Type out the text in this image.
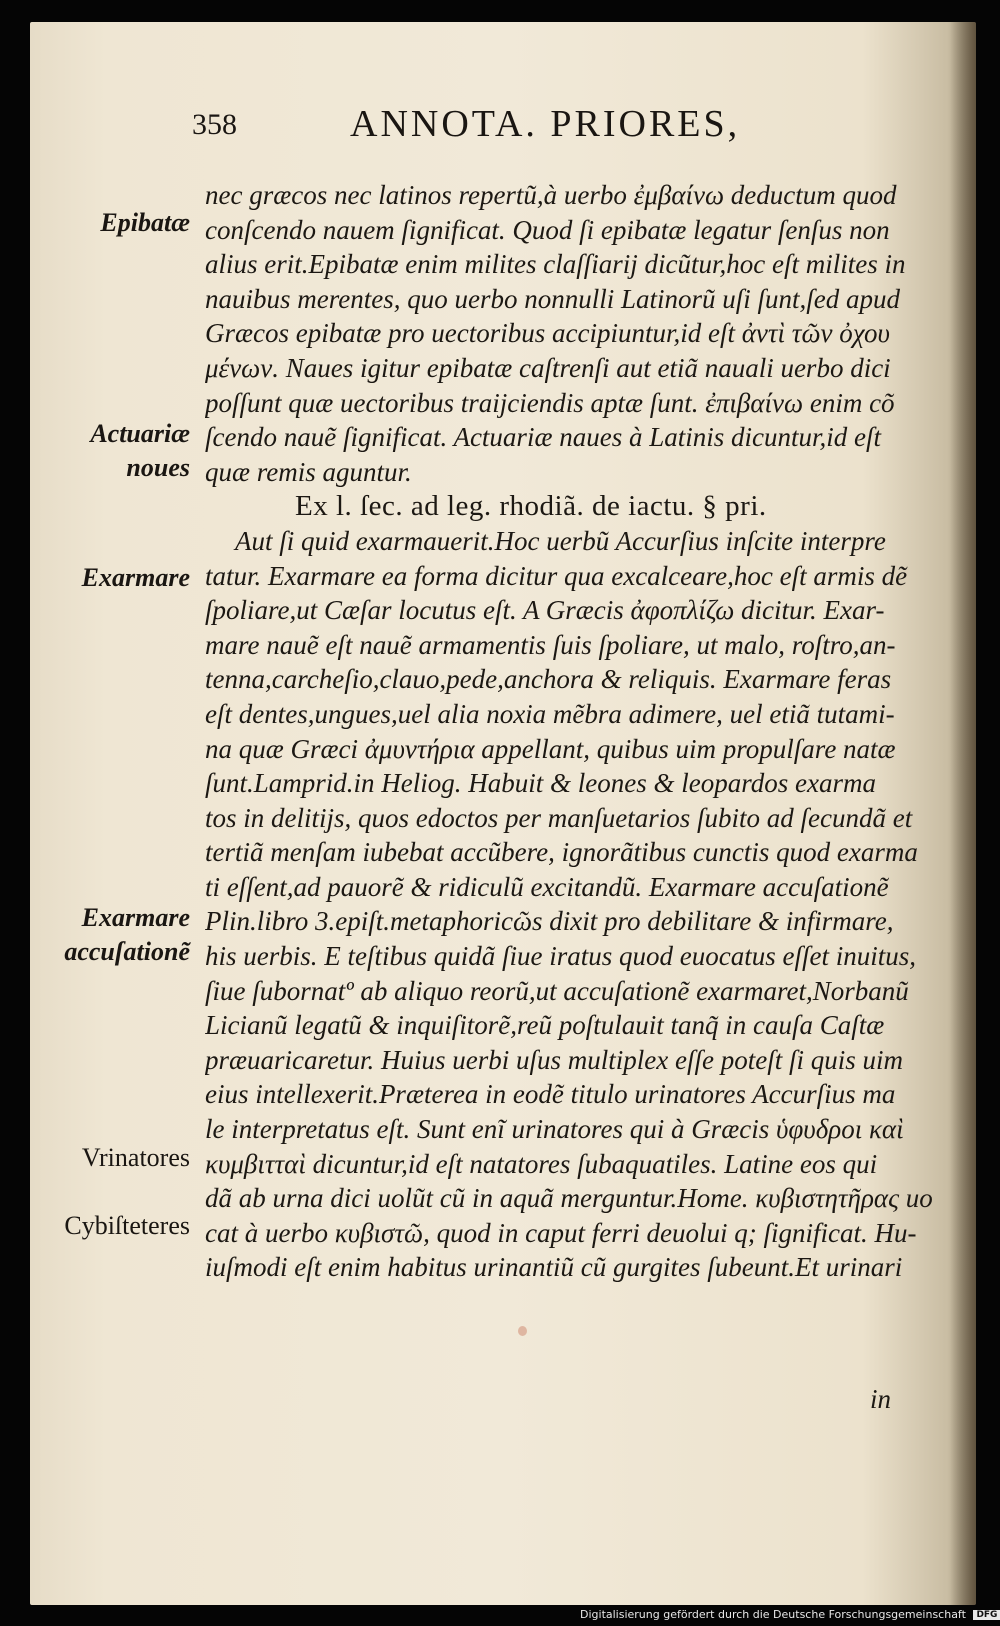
358	ANNOTA. PRIORES,
Epibatæ
Actuariæ
noues
Exarmare
Exarmare
accuſationẽ
Vrinatores
Cybiſteteres
nec græcos nec latinos repertũ,à uerbo ἐμβαίνω deductum quod
conſcendo nauem ſignificat. Quod ſi epibatæ legatur ſenſus non
alius erit.Epibatæ enim milites claſſiarij dicũtur,hoc eſt milites in
nauibus merentes, quo uerbo nonnulli Latinorũ uſi ſunt,ſed apud
Græcos epibatæ pro uectoribus accipiuntur,id eſt ἀντὶ τῶν ὀχου
μένων. Naues igitur epibatæ caſtrenſi aut etiã nauali uerbo dici
poſſunt quæ uectoribus traijciendis aptæ ſunt. ἐπιβαίνω enim cõ
ſcendo nauẽ ſignificat. Actuariæ naues à Latinis dicuntur,id eſt
quæ remis aguntur.
Ex l. ſec. ad leg. rhodiã. de iactu. § pri.
Aut ſi quid exarmauerit.Hoc uerbũ Accurſius inſcite interpre
tatur. Exarmare ea forma dicitur qua excalceare,hoc eſt armis dẽ
ſpoliare,ut Cæſar locutus eſt. A Græcis ἀφοπλίζω dicitur. Exar-
mare nauẽ eſt nauẽ armamentis ſuis ſpoliare, ut malo, roſtro,an-
tenna,carcheſio,clauo,pede,anchora & reliquis. Exarmare feras
eſt dentes,ungues,uel alia noxia mẽbra adimere, uel etiã tutami-
na quæ Græci ἀμυντήρια appellant, quibus uim propulſare natæ
ſunt.Lamprid.in Heliog. Habuit & leones & leopardos exarma
tos in delitijs, quos edoctos per manſuetarios ſubito ad ſecundã et
tertiã menſam iubebat accũbere, ignorãtibus cunctis quod exarma
ti eſſent,ad pauorẽ & ridiculũ excitandũ. Exarmare accuſationẽ
Plin.libro 3.epiſt.metaphoricῶs dixit pro debilitare & infirmare,
his uerbis. E teſtibus quidã ſiue iratus quod euocatus eſſet inuitus,
ſiue ſubornatº ab aliquo reorũ,ut accuſationẽ exarmaret,Norbanũ
Licianũ legatũ & inquiſitorẽ,reũ poſtulauit tanq̃ in cauſa Caſtæ
præuaricaretur. Huius uerbi uſus multiplex eſſe poteſt ſi quis uim
eius intellexerit.Præterea in eodẽ titulo urinatores Accurſius ma
le interpretatus eſt. Sunt enĩ urinatores qui à Græcis ὑφυδροι καὶ
κυμβιτταὶ dicuntur,id eſt natatores ſubaquatiles. Latine eos qui
dã ab urna dici uolũt cũ in aquã merguntur.Home. κυβιστητῆρας uo
cat à uerbo κυβιστῶ, quod in caput ferri deuolui q; ſignificat. Hu-
iuſmodi eſt enim habitus urinantiũ cũ gurgites ſubeunt.Et urinari
in
Digitalisierung gefördert durch die Deutsche Forschungsgemeinschaft DFG
